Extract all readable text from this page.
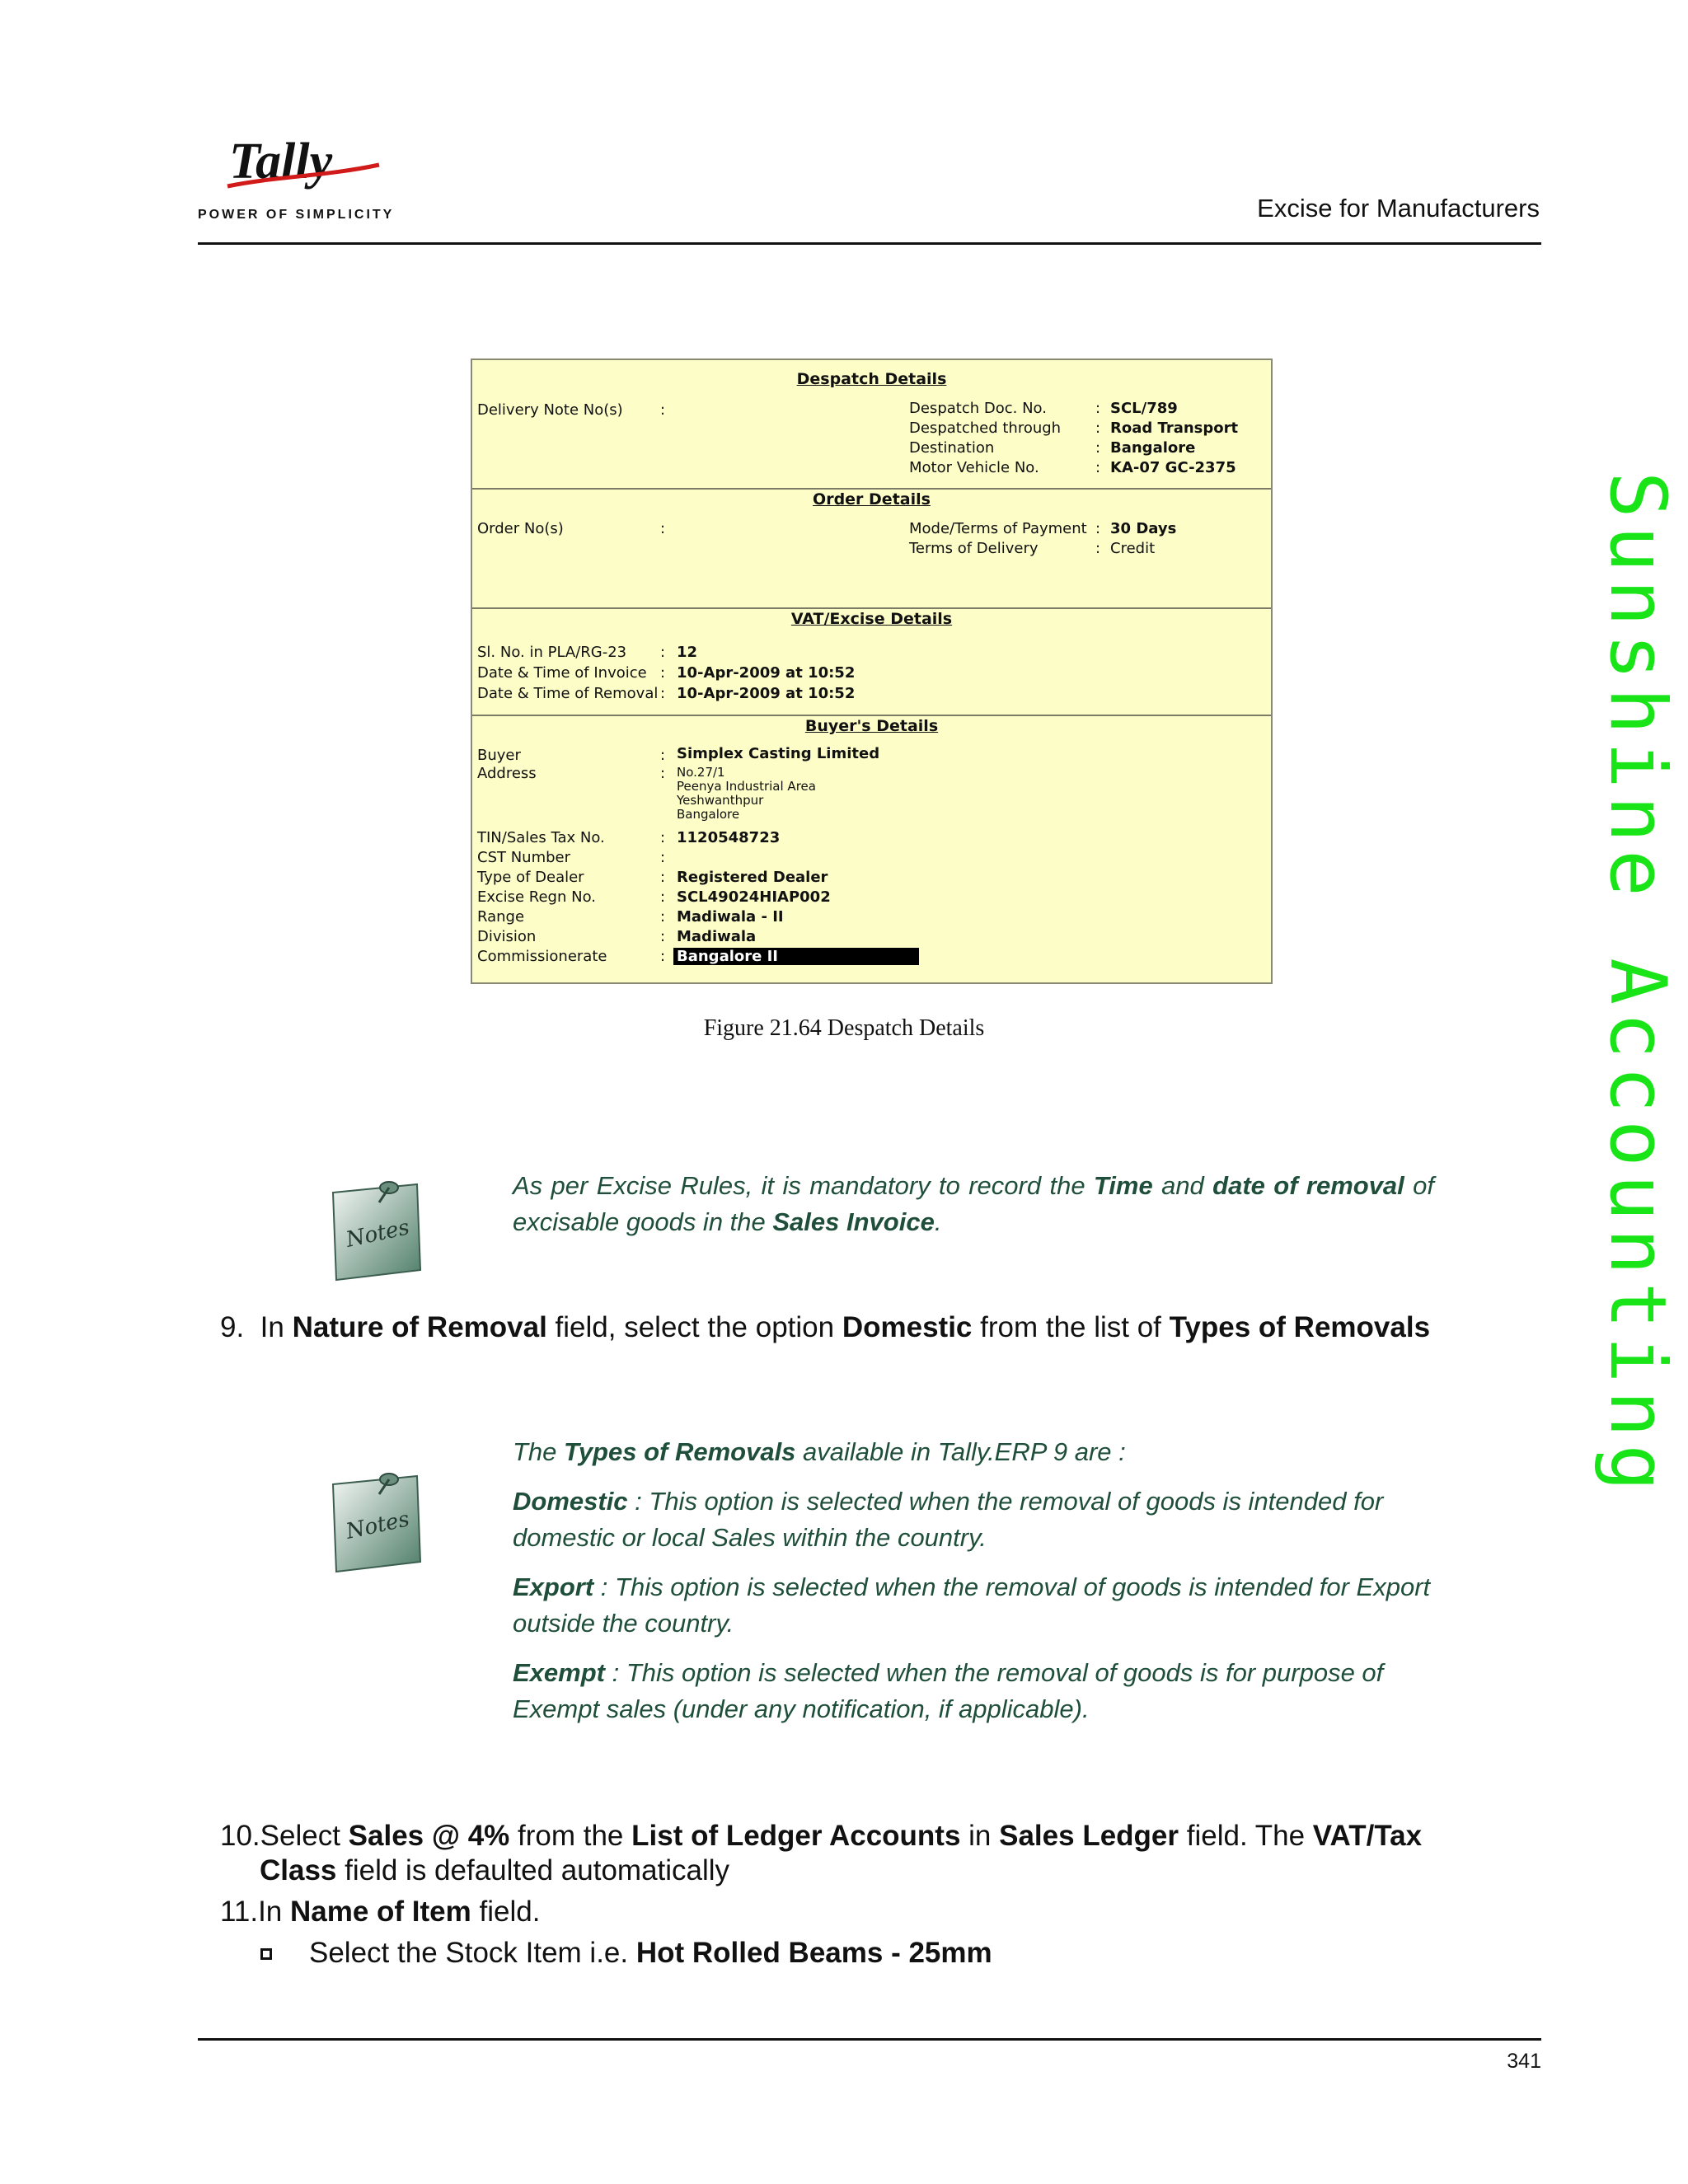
Tally
POWER OF SIMPLICITY	Excise for Manufacturers
Sunshine Accounting
Despatch Details
Delivery Note No(s)	:	Despatch Doc. No.	: SCL/789
Despatched through : Road Transport
Destination	: Bangalore
Motor Vehicle No.	: KA-07 GC-2375
Order Details
Order No(s)	:	Mode/Terms of Payment : 30 Days
Terms of Delivery	: Credit
VAT/Excise Details
Sl. No. in PLA/RG-23 : 12
Date & Time of Invoice : 10-Apr-2009 at 10:52
Date & Time of Removal : 10-Apr-2009 at 10:52
Buyer's Details
Buyer	: Simplex Casting Limited
Address	: No.27/1
Peenya Industrial Area
Yeshwanthpur
Bangalore
TIN/Sales Tax No.	: 1120548723
CST Number	:
Type of Dealer	: Registered Dealer
Excise Regn No.	: SCL49024HIAP002
Range	: Madiwala - II
Division	: Madiwala
Commissionerate	: Bangalore II
Figure 21.64 Despatch Details
Notes
As per Excise Rules, it is mandatory to record the Time and date of removal of excisable goods in the Sales Invoice.
9. In Nature of Removal field, select the option Domestic from the list of Types of Removals
Notes

The Types of Removals available in Tally.ERP 9 are :

Domestic : This option is selected when the removal of goods is intended for domestic or local Sales within the country.

Export : This option is selected when the removal of goods is intended for Export outside the country.

Exempt : This option is selected when the removal of goods is for purpose of Exempt sales (under any notification, if applicable).

10.Select Sales @ 4% from the List of Ledger Accounts in Sales Ledger field. The VAT/Tax
Class field is defaulted automatically
11.In Name of Item field.
Select the Stock Item i.e. Hot Rolled Beams - 25mm
341
